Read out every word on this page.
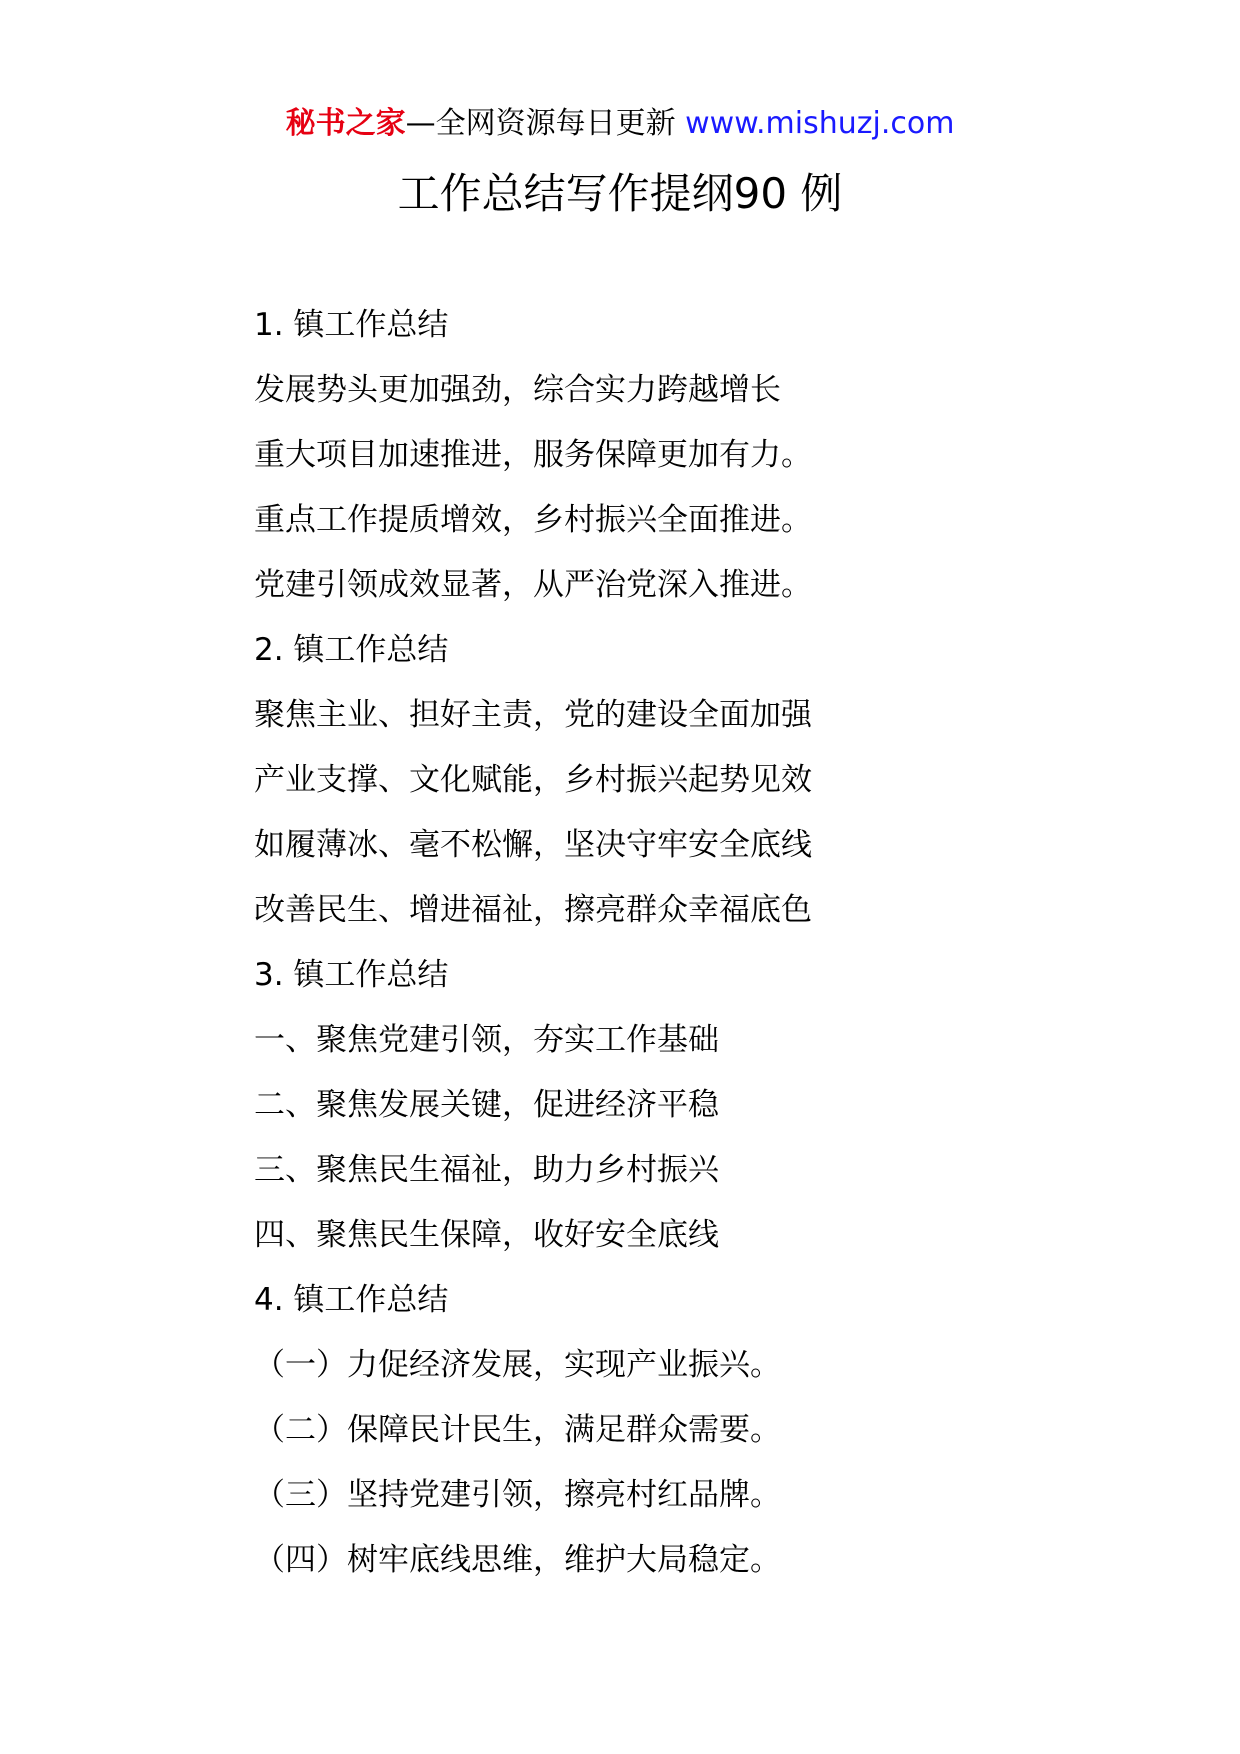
秘书之家—全网资源每日更新 www.mishuzj.com
工作总结写作提纲90 例

1. 镇工作总结

发展势头更加强劲，综合实力跨越增长

重大项目加速推进，服务保障更加有力。

重点工作提质增效，乡村振兴全面推进。

党建引领成效显著，从严治党深入推进。

2. 镇工作总结

聚焦主业、担好主责，党的建设全面加强

产业支撑、文化赋能，乡村振兴起势见效

如履薄冰、毫不松懈，坚决守牢安全底线

改善民生、增进福祉，擦亮群众幸福底色

3. 镇工作总结

一、聚焦党建引领，夯实工作基础

二、聚焦发展关键，促进经济平稳

三、聚焦民生福祉，助力乡村振兴

四、聚焦民生保障，收好安全底线

4. 镇工作总结

（一）力促经济发展，实现产业振兴。

（二）保障民计民生，满足群众需要。

（三）坚持党建引领，擦亮村红品牌。

（四）树牢底线思维，维护大局稳定。
